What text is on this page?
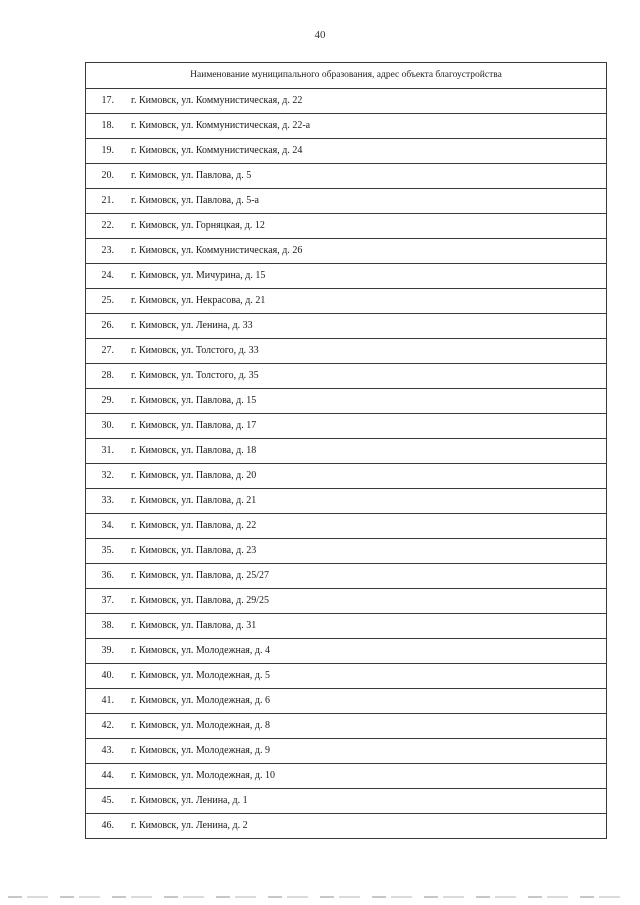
40
Наименование муниципального образования, адрес объекта благоустройства

17.	г. Кимовск, ул. Коммунистическая, д. 22

18.	г. Кимовск, ул. Коммунистическая, д. 22-а

19.	г. Кимовск, ул. Коммунистическая, д. 24

20.	г. Кимовск, ул. Павлова, д. 5

21.	г. Кимовск, ул. Павлова, д. 5-а

22.	г. Кимовск, ул. Горняцкая, д. 12

23.	г. Кимовск, ул. Коммунистическая, д. 26

24.	г. Кимовск, ул. Мичурина, д. 15

25.	г. Кимовск, ул. Некрасова, д. 21

26.	г. Кимовск, ул. Ленина, д. 33

27.	г. Кимовск, ул. Толстого, д. 33

28.	г. Кимовск, ул. Толстого, д. 35

29.	г. Кимовск, ул. Павлова, д. 15

30.	г. Кимовск, ул. Павлова, д. 17

31.	г. Кимовск, ул. Павлова, д. 18

32.	г. Кимовск, ул. Павлова, д. 20

33.	г. Кимовск, ул. Павлова, д. 21

34.	г. Кимовск, ул. Павлова, д. 22

35.	г. Кимовск, ул. Павлова, д. 23

36.	г. Кимовск, ул. Павлова, д. 25/27

37.	г. Кимовск, ул. Павлова, д. 29/25

38.	г. Кимовск, ул. Павлова, д. 31

39.	г. Кимовск, ул. Молодежная, д. 4

40.	г. Кимовск, ул. Молодежная, д. 5

41.	г. Кимовск, ул. Молодежная, д. 6

42.	г. Кимовск, ул. Молодежная, д. 8

43.	г. Кимовск, ул. Молодежная, д. 9

44.	г. Кимовск, ул. Молодежная, д. 10

45.	г. Кимовск, ул. Ленина, д. 1

46.	г. Кимовск, ул. Ленина, д. 2
